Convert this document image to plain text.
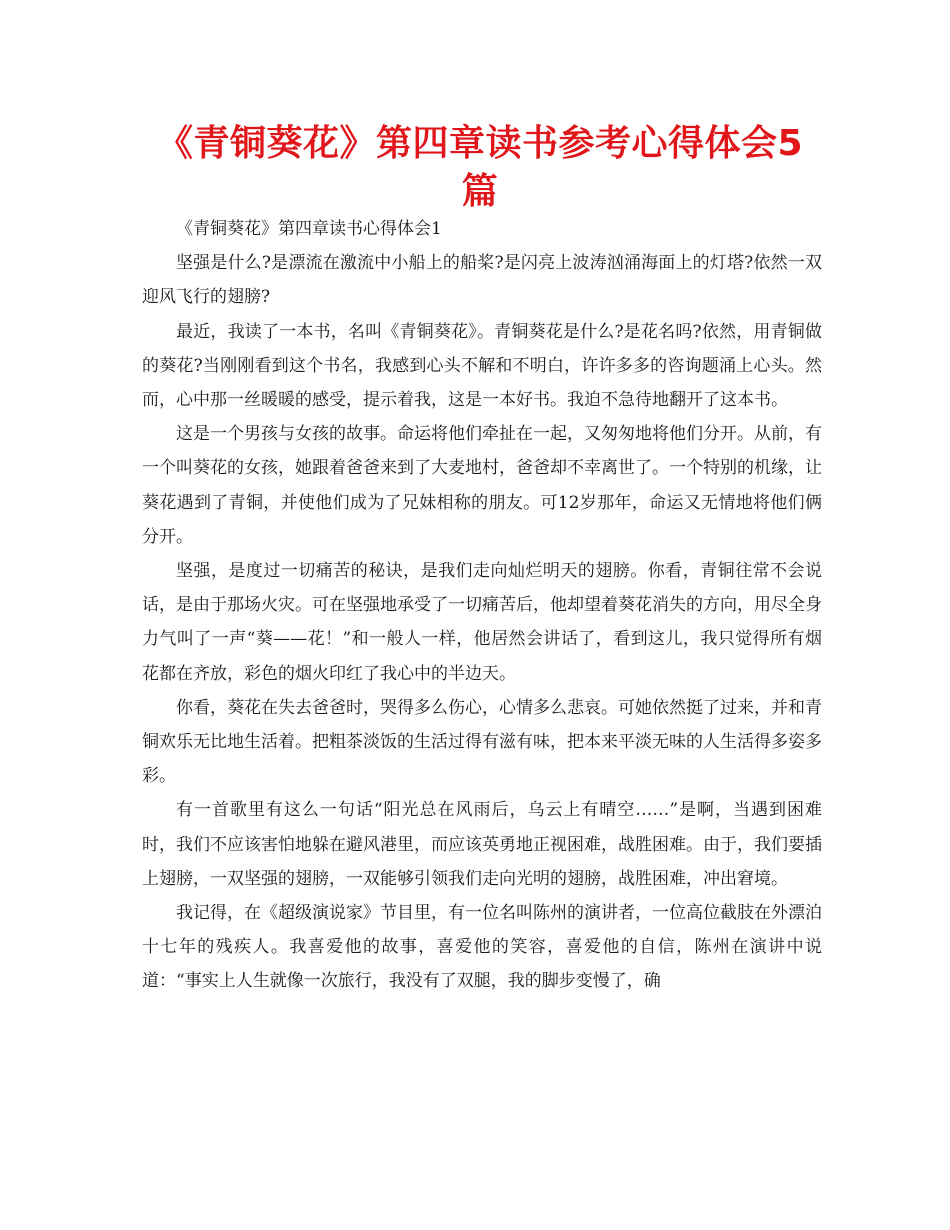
《青铜葵花》第四章读书参考心得体会5篇

《青铜葵花》第四章读书心得体会1

坚强是什么?是漂流在激流中小船上的船桨?是闪亮上波涛汹涌海面上的灯塔?依然一双迎风飞行的翅膀?

最近，我读了一本书，名叫《青铜葵花》。青铜葵花是什么?是花名吗?依然，用青铜做的葵花?当刚刚看到这个书名，我感到心头不解和不明白，许许多多的咨询题涌上心头。然而，心中那一丝暖暖的感受，提示着我，这是一本好书。我迫不急待地翻开了这本书。

这是一个男孩与女孩的故事。命运将他们牵扯在一起，又匆匆地将他们分开。从前，有一个叫葵花的女孩，她跟着爸爸来到了大麦地村，爸爸却不幸离世了。一个特别的机缘，让葵花遇到了青铜，并使他们成为了兄妹相称的朋友。可12岁那年，命运又无情地将他们俩分开。

坚强，是度过一切痛苦的秘诀，是我们走向灿烂明天的翅膀。你看，青铜往常不会说话，是由于那场火灾。可在坚强地承受了一切痛苦后，他却望着葵花消失的方向，用尽全身力气叫了一声“葵——花！”和一般人一样，他居然会讲话了，看到这儿，我只觉得所有烟花都在齐放，彩色的烟火印红了我心中的半边天。

你看，葵花在失去爸爸时，哭得多么伤心，心情多么悲哀。可她依然挺了过来，并和青铜欢乐无比地生活着。把粗茶淡饭的生活过得有滋有味，把本来平淡无味的人生活得多姿多彩。

有一首歌里有这么一句话“阳光总在风雨后，乌云上有晴空……”是啊，当遇到困难时，我们不应该害怕地躲在避风港里，而应该英勇地正视困难，战胜困难。由于，我们要插上翅膀，一双坚强的翅膀，一双能够引领我们走向光明的翅膀，战胜困难，冲出窘境。

我记得，在《超级演说家》节目里，有一位名叫陈州的演讲者，一位高位截肢在外漂泊十七年的残疾人。我喜爱他的故事，喜爱他的笑容，喜爱他的自信，陈州在演讲中说道：“事实上人生就像一次旅行，我没有了双腿，我的脚步变慢了，确
